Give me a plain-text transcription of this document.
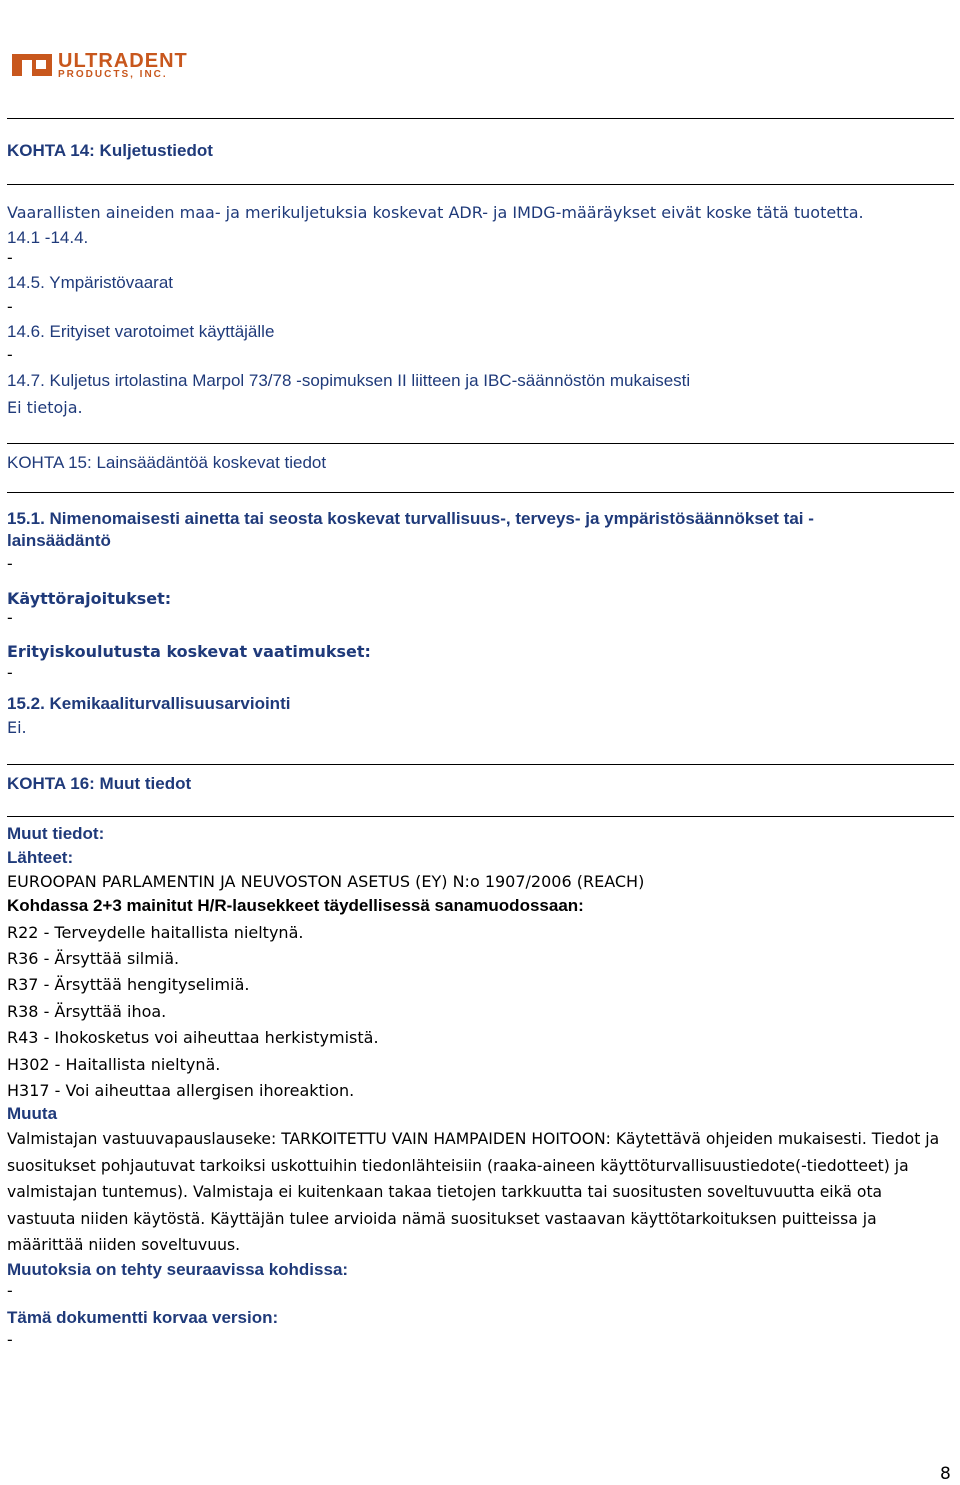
Käyttöturvallisuustiedote asetuksen (EY) nro. 453/2010,1907/2006 (REACH).	Date Issued: 25-09-2012
SDS No: 25-001.9
Date Revised: 10-04-2015
Revision No: 10
Version FI: 06-0 7-2015
ULTRADENT
PRODUCTS, INC.
KOHTA 14: Kuljetustiedot
Vaarallisten aineiden maa- ja merikuljetuksia koskevat ADR- ja IMDG-määräykset eivät koske tätä tuotetta.
14.1 -14.4.
-
14.5. Ympäristövaarat
-
14.6. Erityiset varotoimet käyttäjälle
-
14.7. Kuljetus irtolastina Marpol 73/78 -sopimuksen II liitteen ja IBC-säännöstön mukaisesti
Ei tietoja.
KOHTA 15: Lainsäädäntöä koskevat tiedot
15.1. Nimenomaisesti ainetta tai seosta koskevat turvallisuus-, terveys- ja ympäristösäännökset tai -
lainsäädäntö
-
Käyttörajoitukset:
-
Erityiskoulutusta koskevat vaatimukset:
-
15.2. Kemikaaliturvallisuusarviointi
Ei.
KOHTA 16: Muut tiedot
Muut tiedot:
Lähteet:
EUROOPAN PARLAMENTIN JA NEUVOSTON ASETUS (EY) N:o 1907/2006 (REACH)
Kohdassa 2+3 mainitut H/R-lausekkeet täydellisessä sanamuodossaan:
R22 - Terveydelle haitallista nieltynä.
R36 - Ärsyttää silmiä.
R37 - Ärsyttää hengityselimiä.
R38 - Ärsyttää ihoa.
R43 - Ihokosketus voi aiheuttaa herkistymistä.
H302 - Haitallista nieltynä.
H317 - Voi aiheuttaa allergisen ihoreaktion.
Muuta
Valmistajan vastuuvapauslauseke: TARKOITETTU VAIN HAMPAIDEN HOITOON: Käytettävä ohjeiden mukaisesti. Tiedot ja suositukset pohjautuvat tarkoiksi uskottuihin tiedonlähteisiin (raaka-aineen käyttöturvallisuustiedote(-tiedotteet) ja valmistajan tuntemus). Valmistaja ei kuitenkaan takaa tietojen tarkkuutta tai suositusten soveltuvuutta eikä ota vastuuta niiden käytöstä. Käyttäjän tulee arvioida nämä suositukset vastaavan käyttötarkoituksen puitteissa ja määrittää niiden soveltuvuus.
Muutoksia on tehty seuraavissa kohdissa:
-
Tämä dokumentti korvaa version:
-
8
